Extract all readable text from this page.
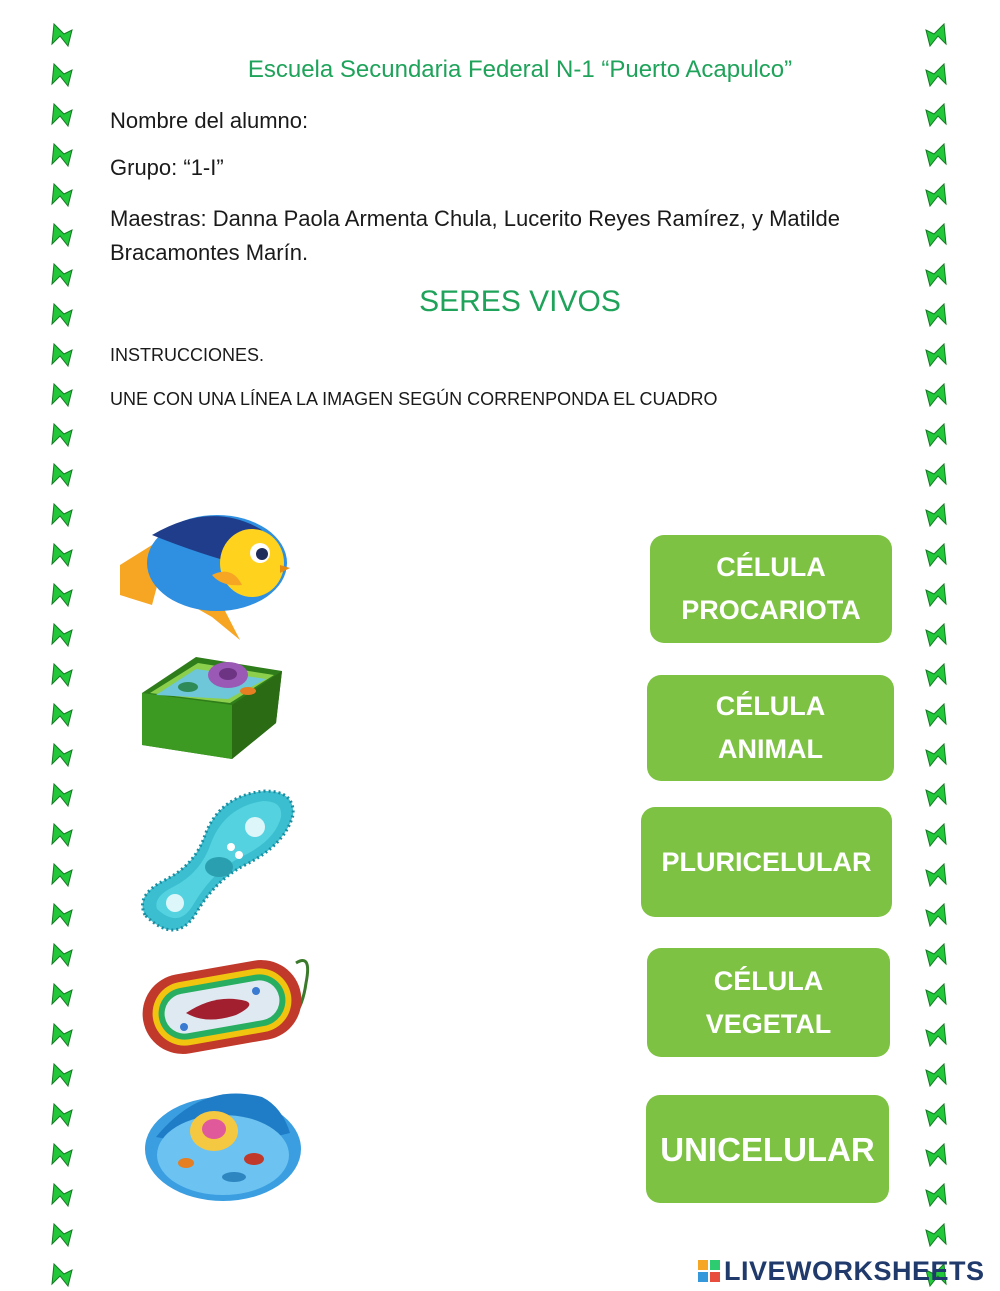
Escuela Secundaria Federal N-1 “Puerto Acapulco”
Nombre del alumno:
Grupo: “1-I”
Maestras: Danna Paola Armenta Chula, Lucerito Reyes Ramírez, y Matilde Bracamontes Marín.
SERES VIVOS
INSTRUCCIONES.
UNE CON UNA LÍNEA LA IMAGEN SEGÚN CORRENPONDA EL CUADRO
CÉLULA
PROCARIOTA
CÉLULA
ANIMAL
PLURICELULAR
CÉLULA
VEGETAL
UNICELULAR
LIVEWORKSHEETS
